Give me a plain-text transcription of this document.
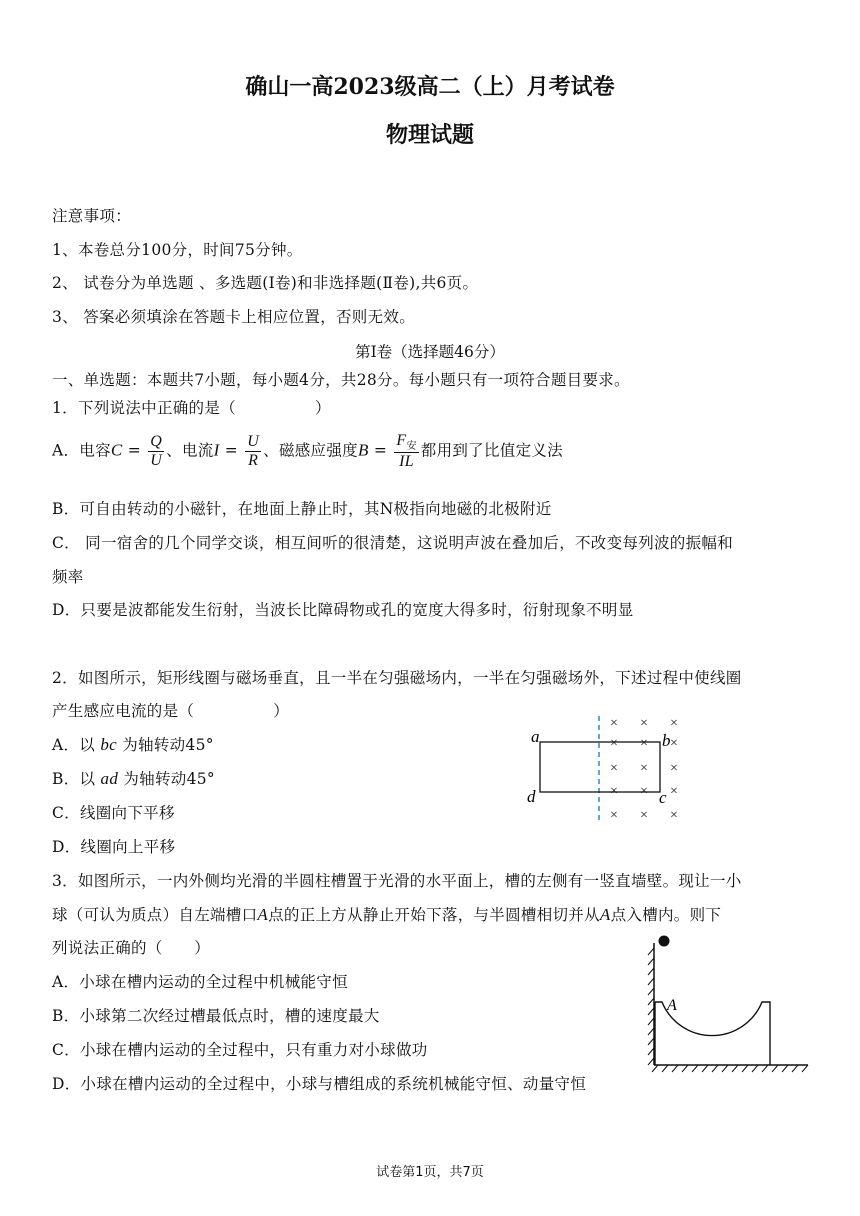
确山一高2023级高二（上）月考试卷
物理试题
注意事项：
1、本卷总分100分，时间75分钟。
2、 试卷分为单选题 、多选题(Ⅰ卷)和非选择题(Ⅱ卷),共6页。
3、 答案必须填涂在答题卡上相应位置，否则无效。
第Ⅰ卷（选择题46分）
一、单选题：本题共7小题，每小题4分，共28分。每小题只有一项符合题目要求。
1．下列说法中正确的是（　　　　　）
A．电容$C = \frac{Q}{U}$ 、电流$I = \frac{U}{R}$ 、磁感应强度$B = \frac{F_安}{IL}$ 都用到了比值定义法
B．可自由转动的小磁针，在地面上静止时，其N极指向地磁的北极附近
C． 同一宿舍的几个同学交谈，相互间听的很清楚，这说明声波在叠加后，不改变每列波的振幅和
频率
D．只要是波都能发生衍射，当波长比障碍物或孔的宽度大得多时，衍射现象不明显
2．如图所示，矩形线圈与磁场垂直，且一半在匀强磁场内，一半在匀强磁场外，下述过程中使线圈
产生感应电流的是（　　　　　）
A．以 bc 为轴转动45°
B．以 ad 为轴转动45°
C．线圈向下平移
D．线圈向上平移
× × ×
× × ×
× × ×
× × ×
× × ×
a	b
c
d
3．如图所示，一内外侧均光滑的半圆柱槽置于光滑的水平面上，槽的左侧有一竖直墙壁。现让一小
球（可认为质点）自左端槽口A点的正上方从静止开始下落，与半圆槽相切并从A点入槽内。则下
列说法正确的（　　）
A．小球在槽内运动的全过程中机械能守恒
B．小球第二次经过槽最低点时，槽的速度最大
C．小球在槽内运动的全过程中，只有重力对小球做功
D．小球在槽内运动的全过程中，小球与槽组成的系统机械能守恒、动量守恒
A
试卷第1页，共7页
